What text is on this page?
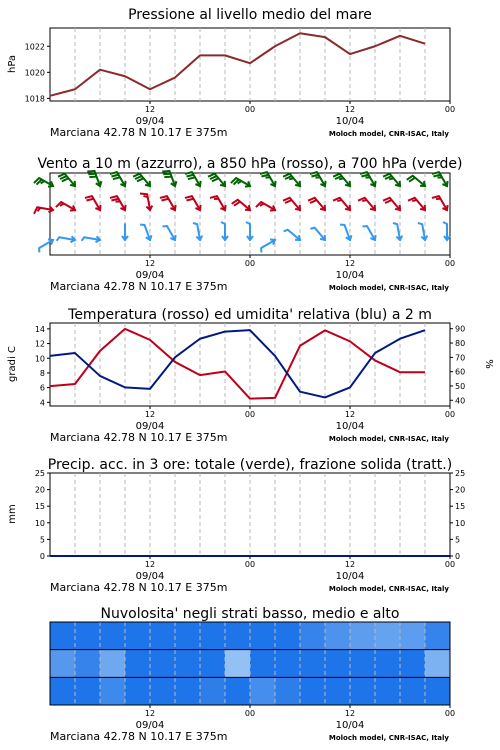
Pressione al livello medio del mare
1018
1020
1022
hPa
12	00	12	00
09/04	10/04
Marciana 42.78 N 10.17 E 375m	Moloch model, CNR-ISAC, Italy
Vento a 10 m (azzurro), a 850 hPa (rosso), a 700 hPa (verde)
12	00	12	00
09/04	10/04
Marciana 42.78 N 10.17 E 375m	Moloch model, CNR-ISAC, Italy
Temperatura (rosso) ed umidita' relativa (blu) a 2 m
4
6
8
10
12
14
40
50
60
70
80
90
gradi C	%
12	00	12	00
09/04	10/04
Marciana 42.78 N 10.17 E 375m	Moloch model, CNR-ISAC, Italy
Precip. acc. in 3 ore: totale (verde), frazione solida (tratt.)
0
5
10
15
20
25
0
5
10
15
20
25
mm
12	00	12	00
09/04	10/04
Marciana 42.78 N 10.17 E 375m	Moloch model, CNR-ISAC, Italy
Nuvolosita' negli strati basso, medio e alto
12	00	12	00
09/04	10/04
Marciana 42.78 N 10.17 E 375m	Moloch model, CNR-ISAC, Italy
